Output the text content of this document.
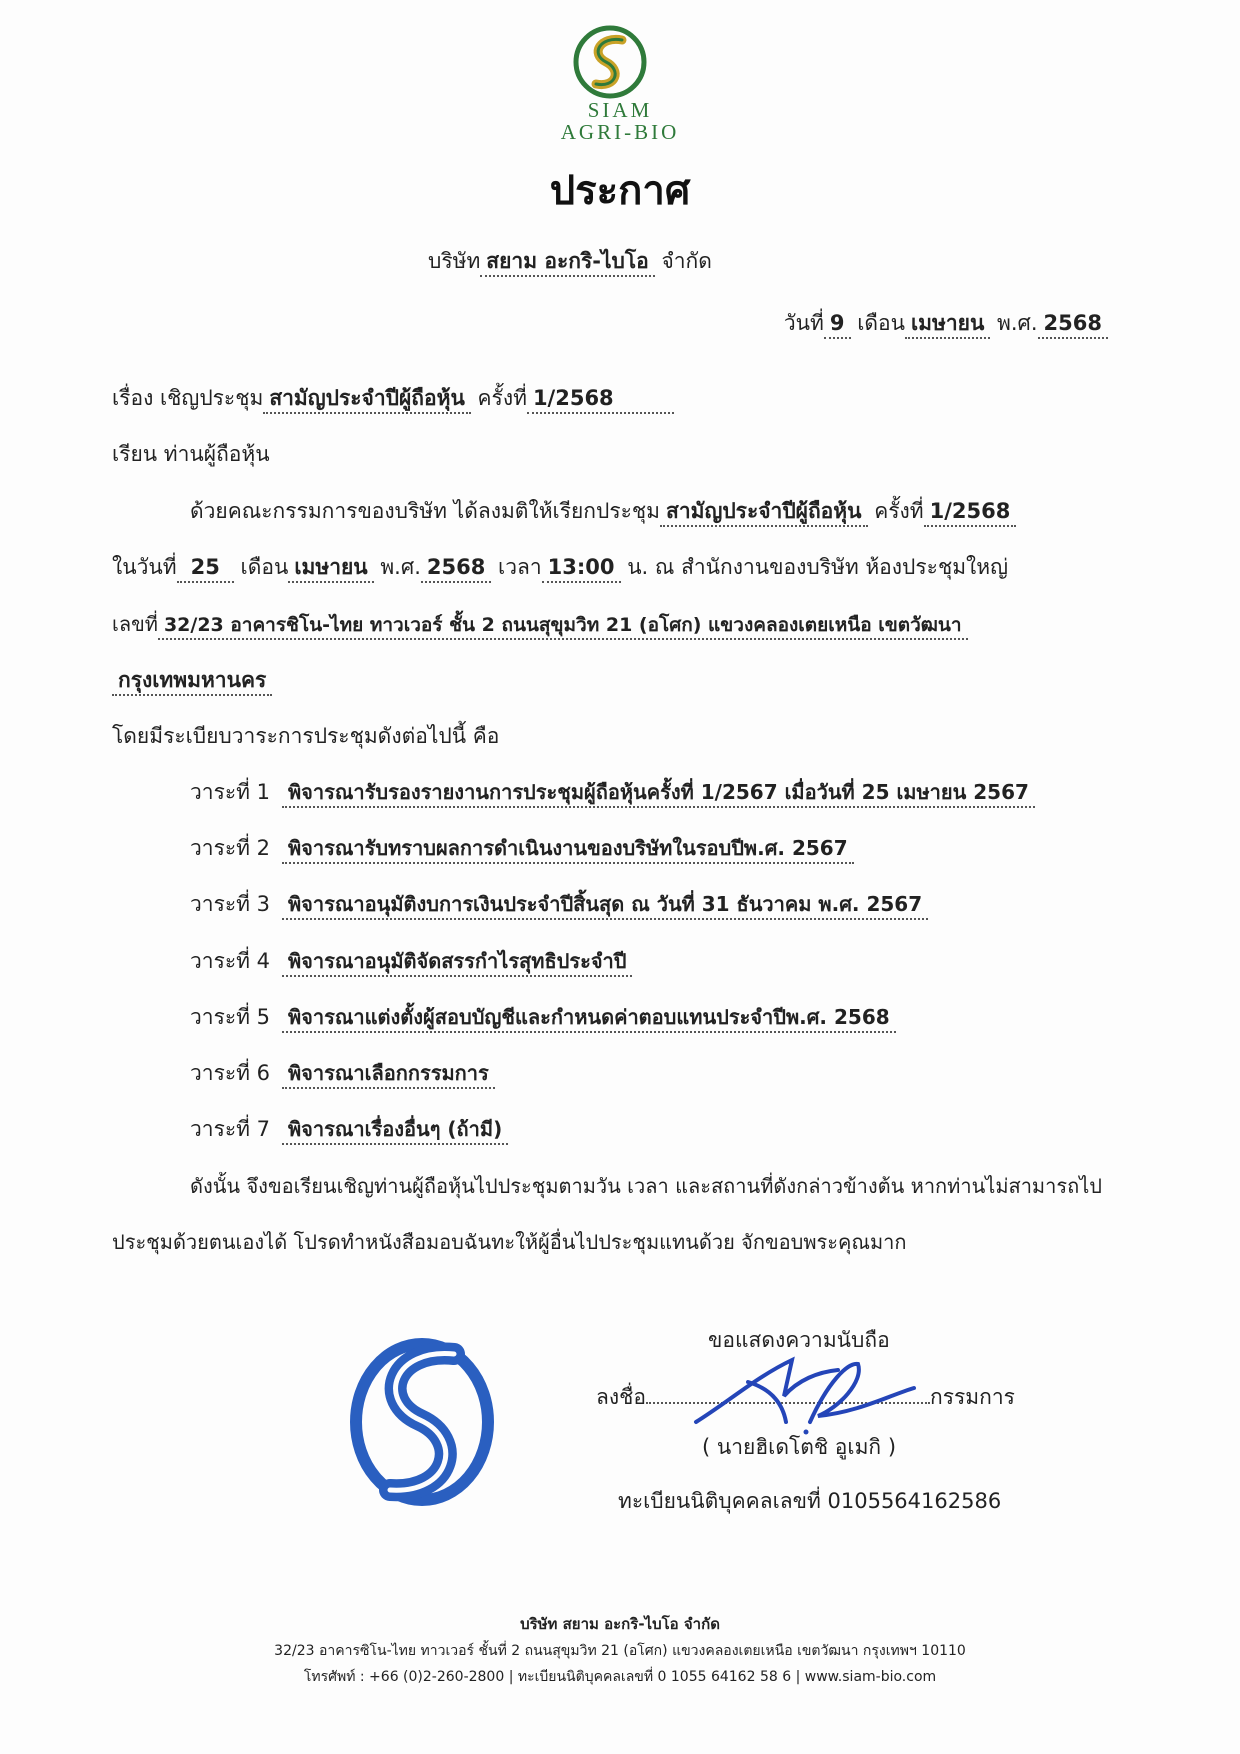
SIAM
AGRI-BIO
ประกาศ
บริษัท สยาม อะกริ-ไบโอ จำกัด
วันที่ 9 เดือน เมษายน พ.ศ. 2568
เรื่อง เชิญประชุม สามัญประจำปีผู้ถือหุ้น ครั้งที่ 1/2568
เรียน ท่านผู้ถือหุ้น
ด้วยคณะกรรมการของบริษัท ได้ลงมติให้เรียกประชุม สามัญประจำปีผู้ถือหุ้น ครั้งที่ 1/2568
ในวันที่ 25 เดือน เมษายน พ.ศ. 2568 เวลา 13:00 น. ณ สำนักงานของบริษัท ห้องประชุมใหญ่
เลขที่ 32/23 อาคารชิโน-ไทย ทาวเวอร์ ชั้น 2 ถนนสุขุมวิท 21 (อโศก) แขวงคลองเตยเหนือ เขตวัฒนา
กรุงเทพมหานคร
โดยมีระเบียบวาระการประชุมดังต่อไปนี้ คือ
วาระที่ 1 พิจารณารับรองรายงานการประชุมผู้ถือหุ้นครั้งที่ 1/2567 เมื่อวันที่ 25 เมษายน 2567
วาระที่ 2 พิจารณารับทราบผลการดำเนินงานของบริษัทในรอบปีพ.ศ. 2567
วาระที่ 3 พิจารณาอนุมัติงบการเงินประจำปีสิ้นสุด ณ วันที่ 31 ธันวาคม พ.ศ. 2567
วาระที่ 4 พิจารณาอนุมัติจัดสรรกำไรสุทธิประจำปี
วาระที่ 5 พิจารณาแต่งตั้งผู้สอบบัญชีและกำหนดค่าตอบแทนประจำปีพ.ศ. 2568
วาระที่ 6 พิจารณาเลือกกรรมการ
วาระที่ 7 พิจารณาเรื่องอื่นๆ (ถ้ามี)
ดังนั้น จึงขอเรียนเชิญท่านผู้ถือหุ้นไปประชุมตามวัน เวลา และสถานที่ดังกล่าวข้างต้น หากท่านไม่สามารถไป
ประชุมด้วยตนเองได้ โปรดทำหนังสือมอบฉันทะให้ผู้อื่นไปประชุมแทนด้วย จักขอบพระคุณมาก
ขอแสดงความนับถือ
ลงชื่อ	กรรมการ
( นายฮิเดโตชิ อูเมกิ )
ทะเบียนนิติบุคคลเลขที่ 0105564162586
บริษัท สยาม อะกริ-ไบโอ จำกัด
32/23 อาคารซิโน-ไทย ทาวเวอร์ ชั้นที่ 2 ถนนสุขุมวิท 21 (อโศก) แขวงคลองเตยเหนือ เขตวัฒนา กรุงเทพฯ 10110
โทรศัพท์ : +66 (0)2-260-2800 | ทะเบียนนิติบุคคลเลขที่ 0 1055 64162 58 6 | www.siam-bio.com
